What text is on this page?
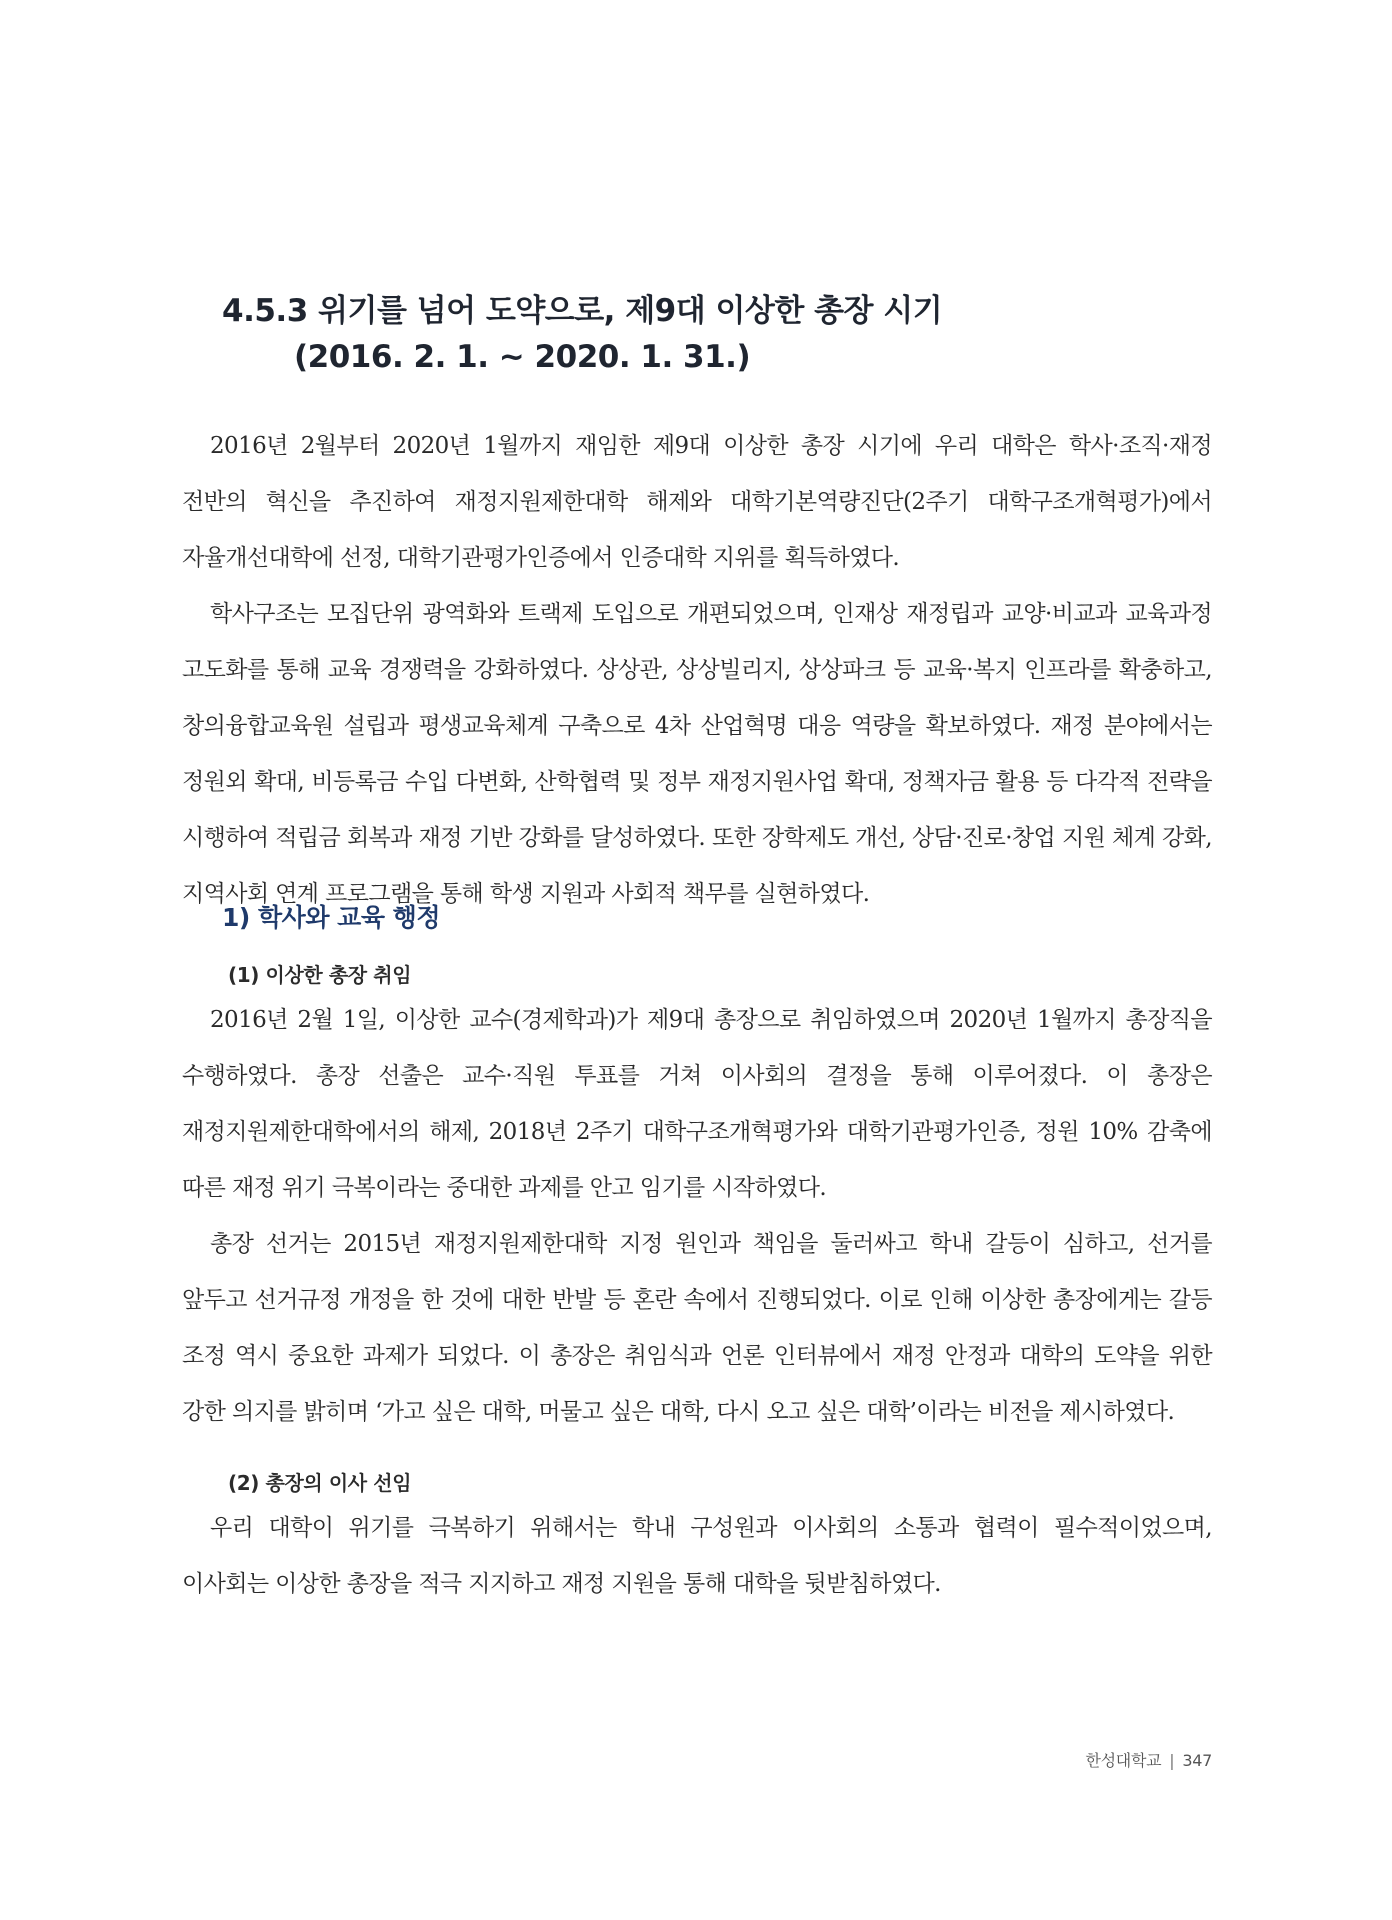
4.5.3 위기를 넘어 도약으로, 제9대 이상한 총장 시기
(2016. 2. 1. ~ 2020. 1. 31.)

2016년 2월부터 2020년 1월까지 재임한 제9대 이상한 총장 시기에 우리 대학은 학사·조직·재정 전반의 혁신을 추진하여 재정지원제한대학 해제와 대학기본역량진단(2주기 대학구조개혁평가)에서 자율개선대학에 선정, 대학기관평가인증에서 인증대학 지위를 획득하였다.

학사구조는 모집단위 광역화와 트랙제 도입으로 개편되었으며, 인재상 재정립과 교양·비교과 교육과정 고도화를 통해 교육 경쟁력을 강화하였다. 상상관, 상상빌리지, 상상파크 등 교육·복지 인프라를 확충하고, 창의융합교육원 설립과 평생교육체계 구축으로 4차 산업혁명 대응 역량을 확보하였다. 재정 분야에서는 정원외 확대, 비등록금 수입 다변화, 산학협력 및 정부 재정지원사업 확대, 정책자금 활용 등 다각적 전략을 시행하여 적립금 회복과 재정 기반 강화를 달성하였다. 또한 장학제도 개선, 상담·진로·창업 지원 체계 강화, 지역사회 연계 프로그램을 통해 학생 지원과 사회적 책무를 실현하였다.

1) 학사와 교육 행정
(1) 이상한 총장 취임

2016년 2월 1일, 이상한 교수(경제학과)가 제9대 총장으로 취임하였으며 2020년 1월까지 총장직을 수행하였다. 총장 선출은 교수·직원 투표를 거쳐 이사회의 결정을 통해 이루어졌다. 이 총장은 재정지원제한대학에서의 해제, 2018년 2주기 대학구조개혁평가와 대학기관평가인증, 정원 10% 감축에 따른 재정 위기 극복이라는 중대한 과제를 안고 임기를 시작하였다.

총장 선거는 2015년 재정지원제한대학 지정 원인과 책임을 둘러싸고 학내 갈등이 심하고, 선거를 앞두고 선거규정 개정을 한 것에 대한 반발 등 혼란 속에서 진행되었다. 이로 인해 이상한 총장에게는 갈등 조정 역시 중요한 과제가 되었다. 이 총장은 취임식과 언론 인터뷰에서 재정 안정과 대학의 도약을 위한 강한 의지를 밝히며 ‘가고 싶은 대학, 머물고 싶은 대학, 다시 오고 싶은 대학’이라는 비전을 제시하였다.

(2) 총장의 이사 선임

우리 대학이 위기를 극복하기 위해서는 학내 구성원과 이사회의 소통과 협력이 필수적이었으며, 이사회는 이상한 총장을 적극 지지하고 재정 지원을 통해 대학을 뒷받침하였다.

한성대학교 | 347
